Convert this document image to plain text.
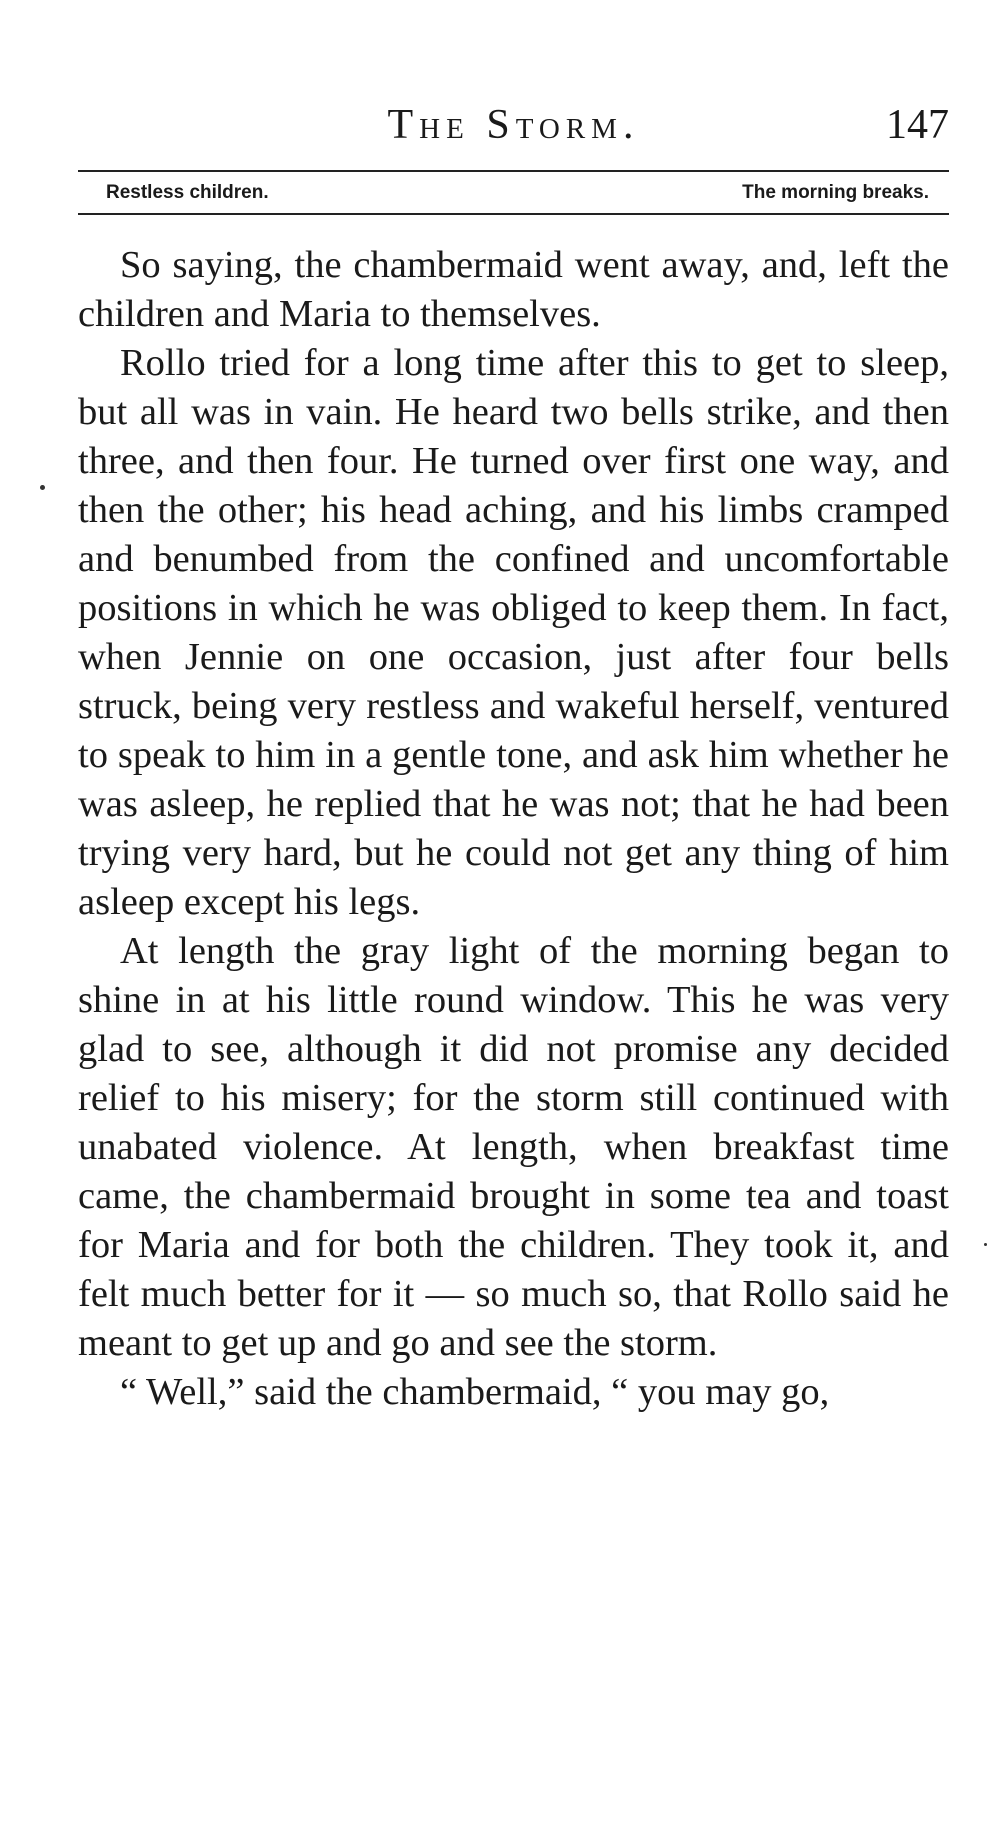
The Storm.	147
Restless children.	The morning breaks.

So saying, the chambermaid went away, and, left the children and Maria to themselves.

Rollo tried for a long time after this to get to sleep, but all was in vain. He heard two bells strike, and then three, and then four. He turned over first one way, and then the other; his head aching, and his limbs cramped and benumbed from the confined and uncomfortable positions in which he was obliged to keep them. In fact, when Jennie on one occasion, just after four bells struck, being very restless and wakeful herself, ventured to speak to him in a gentle tone, and ask him whether he was asleep, he replied that he was not; that he had been trying very hard, but he could not get any thing of him asleep except his legs.

At length the gray light of the morning began to shine in at his little round window. This he was very glad to see, although it did not promise any decided relief to his misery; for the storm still continued with unabated violence. At length, when breakfast time came, the chambermaid brought in some tea and toast for Maria and for both the children. They took it, and felt much better for it — so much so, that Rollo said he meant to get up and go and see the storm.

“ Well,” said the chambermaid, “ you may go,
